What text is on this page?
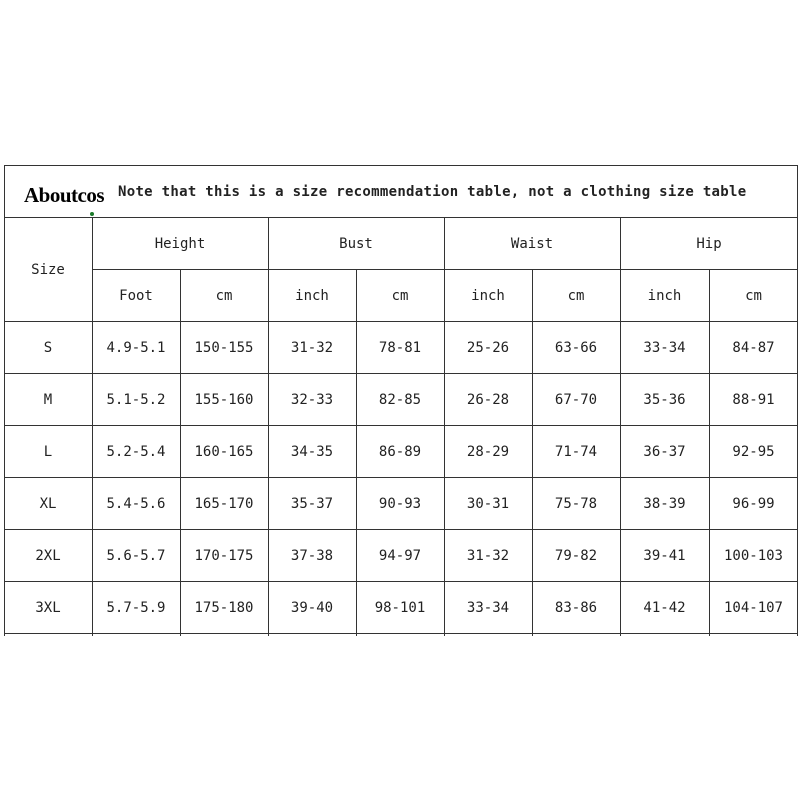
Note that this is a size recommendation table, not a clothing size table
Aboutcos
Size
Height	Bust	Waist	Hip
Foot	cm	inch	cm	inch	cm	inch	cm
S	4.9-5.1	150-155	31-32	78-81	25-26	63-66	33-34	84-87
M	5.1-5.2	155-160	32-33	82-85	26-28	67-70	35-36	88-91
L	5.2-5.4	160-165	34-35	86-89	28-29	71-74	36-37	92-95
XL	5.4-5.6	165-170	35-37	90-93	30-31	75-78	38-39	96-99
2XL	5.6-5.7	170-175	37-38	94-97	31-32	79-82	39-41	100-103
3XL	5.7-5.9	175-180	39-40	98-101	33-34	83-86	41-42	104-107
